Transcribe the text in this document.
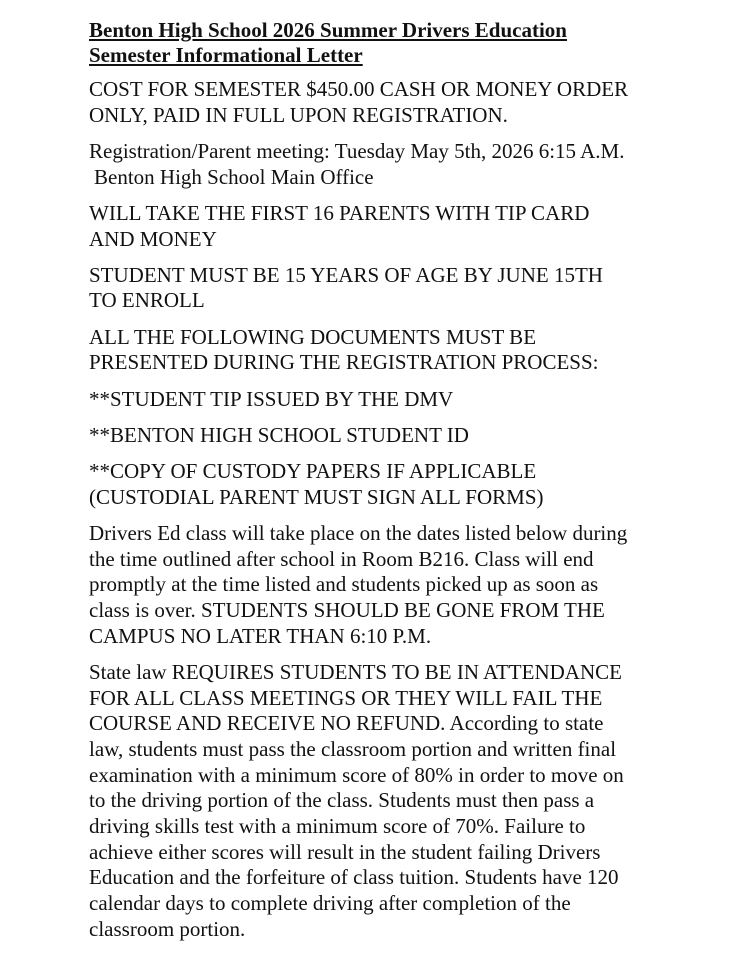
Benton High School 2026 Summer Drivers Education
Semester Informational Letter
COST FOR SEMESTER $450.00 CASH OR MONEY ORDER
ONLY, PAID IN FULL UPON REGISTRATION.
Registration/Parent meeting: Tuesday May 5th, 2026 6:15 A.M.
Benton High School Main Office
WILL TAKE THE FIRST 16 PARENTS WITH TIP CARD
AND MONEY
STUDENT MUST BE 15 YEARS OF AGE BY JUNE 15TH
TO ENROLL
ALL THE FOLLOWING DOCUMENTS MUST BE
PRESENTED DURING THE REGISTRATION PROCESS:
**STUDENT TIP ISSUED BY THE DMV
**BENTON HIGH SCHOOL STUDENT ID
**COPY OF CUSTODY PAPERS IF APPLICABLE
(CUSTODIAL PARENT MUST SIGN ALL FORMS)
Drivers Ed class will take place on the dates listed below during
the time outlined after school in Room B216. Class will end
promptly at the time listed and students picked up as soon as
class is over. STUDENTS SHOULD BE GONE FROM THE
CAMPUS NO LATER THAN 6:10 P.M.
State law REQUIRES STUDENTS TO BE IN ATTENDANCE
FOR ALL CLASS MEETINGS OR THEY WILL FAIL THE
COURSE AND RECEIVE NO REFUND. According to state
law, students must pass the classroom portion and written final
examination with a minimum score of 80% in order to move on
to the driving portion of the class. Students must then pass a
driving skills test with a minimum score of 70%. Failure to
achieve either scores will result in the student failing Drivers
Education and the forfeiture of class tuition. Students have 120
calendar days to complete driving after completion of the
classroom portion.
